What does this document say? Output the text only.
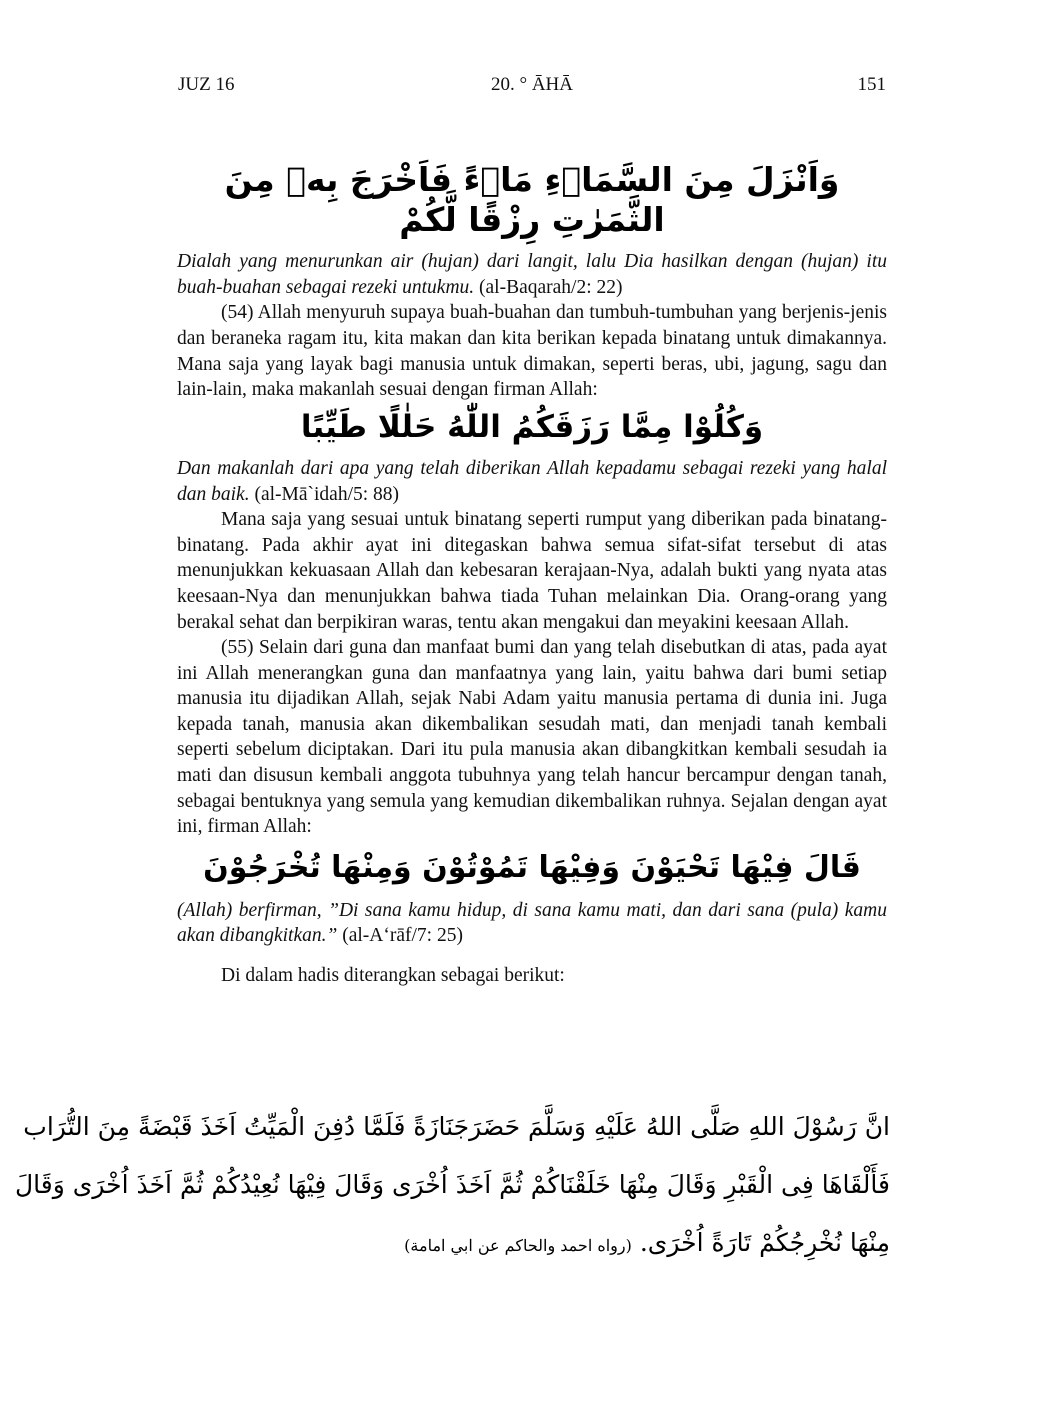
JUZ 16	20. ° ĀHĀ	151
وَاَنْزَلَ مِنَ السَّمَاۤءِ مَاۤءً فَاَخْرَجَ بِهٖ مِنَ الثَّمَرٰتِ رِزْقًا لَّكُمْ

Dialah yang menurunkan air (hujan) dari langit, lalu Dia hasilkan dengan (hujan) itu buah-buahan sebagai rezeki untukmu. (al-Baqarah/2: 22)

(54) Allah menyuruh supaya buah-buahan dan tumbuh-tumbuhan yang berjenis-jenis dan beraneka ragam itu, kita makan dan kita berikan kepada binatang untuk dimakannya. Mana saja yang layak bagi manusia untuk dimakan, seperti beras, ubi, jagung, sagu dan lain-lain, maka makanlah sesuai dengan firman Allah:

وَكُلُوْا مِمَّا رَزَقَكُمُ اللّٰهُ حَلٰلًا طَيِّبًا

Dan makanlah dari apa yang telah diberikan Allah kepadamu sebagai rezeki yang halal dan baik. (al-Mā`idah/5: 88)

Mana saja yang sesuai untuk binatang seperti rumput yang diberikan pada binatang-binatang. Pada akhir ayat ini ditegaskan bahwa semua sifat-sifat tersebut di atas menunjukkan kekuasaan Allah dan kebesaran kerajaan-Nya, adalah bukti yang nyata atas keesaan-Nya dan menunjukkan bahwa tiada Tuhan melainkan Dia. Orang-orang yang berakal sehat dan berpikiran waras, tentu akan mengakui dan meyakini keesaan Allah.

(55) Selain dari guna dan manfaat bumi dan yang telah disebutkan di atas, pada ayat ini Allah menerangkan guna dan manfaatnya yang lain, yaitu bahwa dari bumi setiap manusia itu dijadikan Allah, sejak Nabi Adam yaitu manusia pertama di dunia ini. Juga kepada tanah, manusia akan dikembalikan sesudah mati, dan menjadi tanah kembali seperti sebelum diciptakan. Dari itu pula manusia akan dibangkitkan kembali sesudah ia mati dan disusun kembali anggota tubuhnya yang telah hancur bercampur dengan tanah, sebagai bentuknya yang semula yang kemudian dikembalikan ruhnya. Sejalan dengan ayat ini, firman Allah:

قَالَ فِيْهَا تَحْيَوْنَ وَفِيْهَا تَمُوْتُوْنَ وَمِنْهَا تُخْرَجُوْنَ

(Allah) berfirman, ”Di sana kamu hidup, di sana kamu mati, dan dari sana (pula) kamu akan dibangkitkan.” (al-A‘rāf/7: 25)

Di dalam hadis diterangkan sebagai berikut:

انَّ رَسُوْلَ اللهِ صَلَّى اللهُ عَلَيْهِ وَسَلَّمَ حَضَرَجَنَازَةً فَلَمَّا دُفِنَ الْمَيِّتُ اَخَذَ قَبْضَةً مِنَ التُّرَاب
فَأَلْقَاهَا فِى الْقَبْرِ وَقَالَ مِنْهَا خَلَقْنَاكُمْ ثُمَّ اَخَذَ اُخْرَى وَقَالَ فِيْهَا نُعِيْدُكُمْ ثُمَّ اَخَذَ اُخْرَى وَقَالَ
مِنْهَا نُخْرِجُكُمْ تَارَةً اُخْرَى. (رواه احمد والحاكم عن ابي امامة)
